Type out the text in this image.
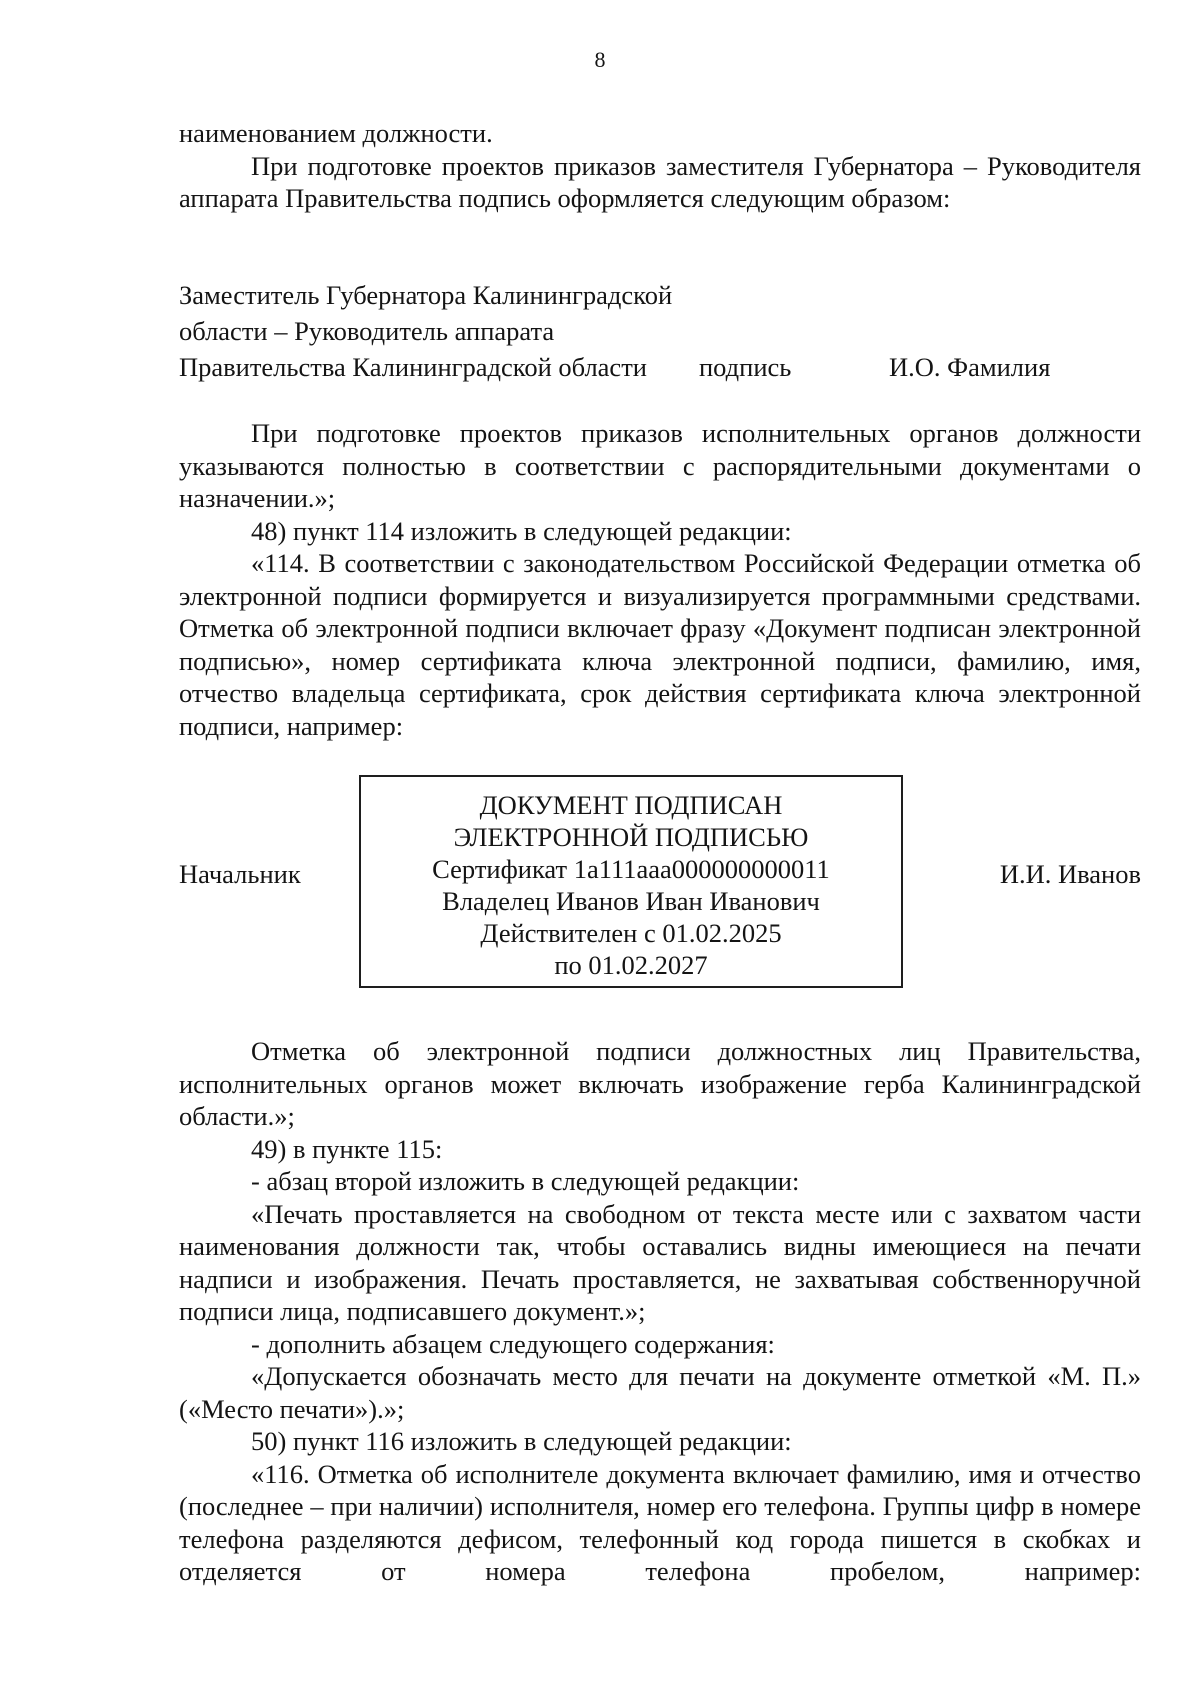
8

наименованием должности.

При подготовке проектов приказов заместителя Губернатора – Руководителя аппарата Правительства подпись оформляется следующим образом:

Заместитель Губернатора Калининградской
области – Руководитель аппарата
Правительства Калининградской области подпись	И.О. Фамилия

При подготовке проектов приказов исполнительных органов должности указываются полностью в соответствии с распорядительными документами о назначении.»;

48) пункт 114 изложить в следующей редакции:

«114. В соответствии с законодательством Российской Федерации отметка об электронной подписи формируется и визуализируется программными средствами. Отметка об электронной подписи включает фразу «Документ подписан электронной подписью», номер сертификата ключа электронной подписи, фамилию, имя, отчество владельца сертификата, срок действия сертификата ключа электронной подписи, например:

Начальник
ДОКУМЕНТ ПОДПИСАН
ЭЛЕКТРОННОЙ ПОДПИСЬЮ
Сертификат 1a111aaa000000000011
Владелец Иванов Иван Иванович
Действителен с 01.02.2025
по 01.02.2027
И.И. Иванов

Отметка об электронной подписи должностных лиц Правительства, исполнительных органов может включать изображение герба Калининградской области.»;

49) в пункте 115:

- абзац второй изложить в следующей редакции:

«Печать проставляется на свободном от текста месте или с захватом части наименования должности так, чтобы оставались видны имеющиеся на печати надписи и изображения. Печать проставляется, не захватывая собственноручной подписи лица, подписавшего документ.»;

- дополнить абзацем следующего содержания:

«Допускается обозначать место для печати на документе отметкой «М. П.» («Место печати»).»;

50) пункт 116 изложить в следующей редакции:

«116. Отметка об исполнителе документа включает фамилию, имя и отчество (последнее – при наличии) исполнителя, номер его телефона. Группы цифр в номере телефона разделяются дефисом, телефонный код города пишется в скобках и отделяется от номера телефона пробелом, например:
